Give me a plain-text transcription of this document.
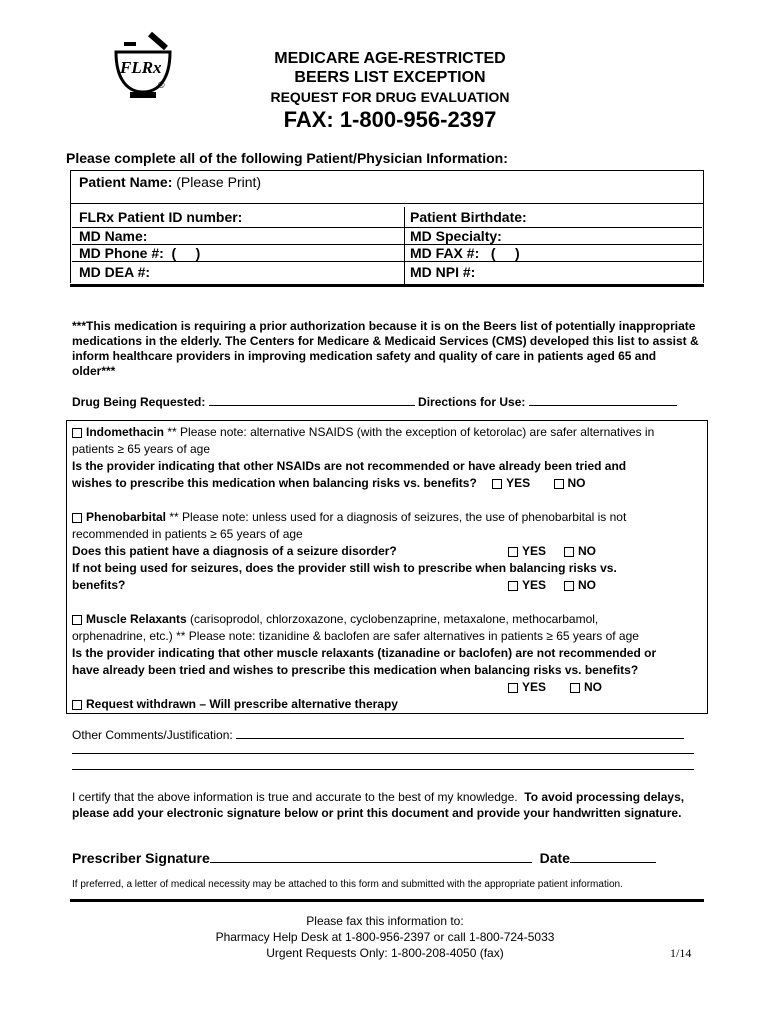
FLRx
®
MEDICARE AGE-RESTRICTED
BEERS LIST EXCEPTION
REQUEST FOR DRUG EVALUATION
FAX: 1-800-956-2397
Please complete all of the following Patient/Physician Information:
Patient Name: (Please Print)
FLRx Patient ID number:	Patient Birthdate:
MD Name:	MD Specialty:
MD Phone #:  (     )	MD FAX #:   (     )
MD DEA #:	MD NPI #:
***This medication is requiring a prior authorization because it is on the Beers list of potentially inappropriate medications in the elderly. The Centers for Medicare & Medicaid Services (CMS) developed this list to assist & inform healthcare providers in improving medication safety and quality of care in patients aged 65 and older***
Drug Being Requested:	Directions for Use:
Indomethacin ** Please note: alternative NSAIDS (with the exception of ketorolac) are safer alternatives in
patients ≥ 65 years of age
Is the provider indicating that other NSAIDs are not recommended or have already been tried and
wishes to prescribe this medication when balancing risks vs. benefits? YES	NO
Phenobarbital ** Please note: unless used for a diagnosis of seizures, the use of phenobarbital is not
recommended in patients ≥ 65 years of age
Does this patient have a diagnosis of a seizure disorder?	YES	NO
If not being used for seizures, does the provider still wish to prescribe when balancing risks vs.
benefits?	YES	NO
Muscle Relaxants (carisoprodol, chlorzoxazone, cyclobenzaprine, metaxalone, methocarbamol,
orphenadrine, etc.) ** Please note: tizanidine & baclofen are safer alternatives in patients ≥ 65 years of age
Is the provider indicating that other muscle relaxants (tizanadine or baclofen) are not recommended or
have already been tried and wishes to prescribe this medication when balancing risks vs. benefits?
YES	NO
Request withdrawn – Will prescribe alternative therapy
Other Comments/Justification:
I certify that the above information is true and accurate to the best of my knowledge.  To avoid processing delays, please add your electronic signature below or print this document and provide your handwritten signature.
Prescriber Signature	Date
If preferred, a letter of medical necessity may be attached to this form and submitted with the appropriate patient information.
Please fax this information to:
Pharmacy Help Desk at 1-800-956-2397 or call 1-800-724-5033
Urgent Requests Only: 1-800-208-4050 (fax)	1/14
